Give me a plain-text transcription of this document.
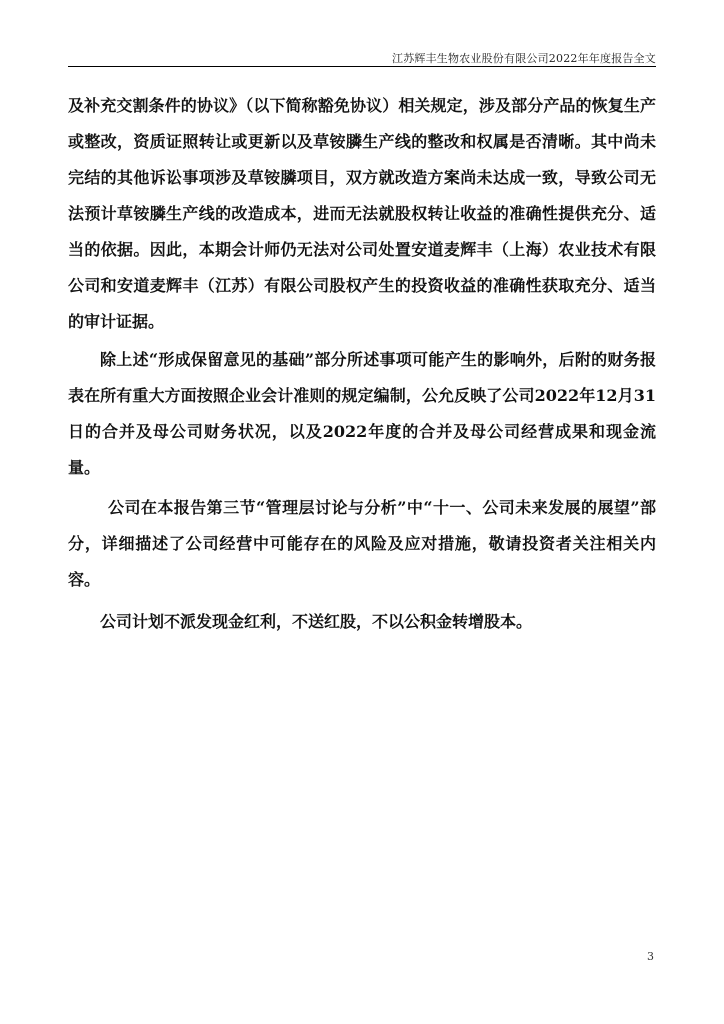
江苏辉丰生物农业股份有限公司2022年年度报告全文

及补充交割条件的协议》（以下简称豁免协议）相关规定，涉及部分产品的恢复生产或整改，资质证照转让或更新以及草铵膦生产线的整改和权属是否清晰。其中尚未完结的其他诉讼事项涉及草铵膦项目，双方就改造方案尚未达成一致，导致公司无法预计草铵膦生产线的改造成本，进而无法就股权转让收益的准确性提供充分、适当的依据。因此，本期会计师仍无法对公司处置安道麦辉丰（上海）农业技术有限公司和安道麦辉丰（江苏）有限公司股权产生的投资收益的准确性获取充分、适当的审计证据。

除上述“形成保留意见的基础”部分所述事项可能产生的影响外，后附的财务报表在所有重大方面按照企业会计准则的规定编制，公允反映了公司2022年12月31日的合并及母公司财务状况，以及2022年度的合并及母公司经营成果和现金流量。

公司在本报告第三节“管理层讨论与分析”中“十一、公司未来发展的展望”部分，详细描述了公司经营中可能存在的风险及应对措施，敬请投资者关注相关内容。

公司计划不派发现金红利，不送红股，不以公积金转增股本。

3
